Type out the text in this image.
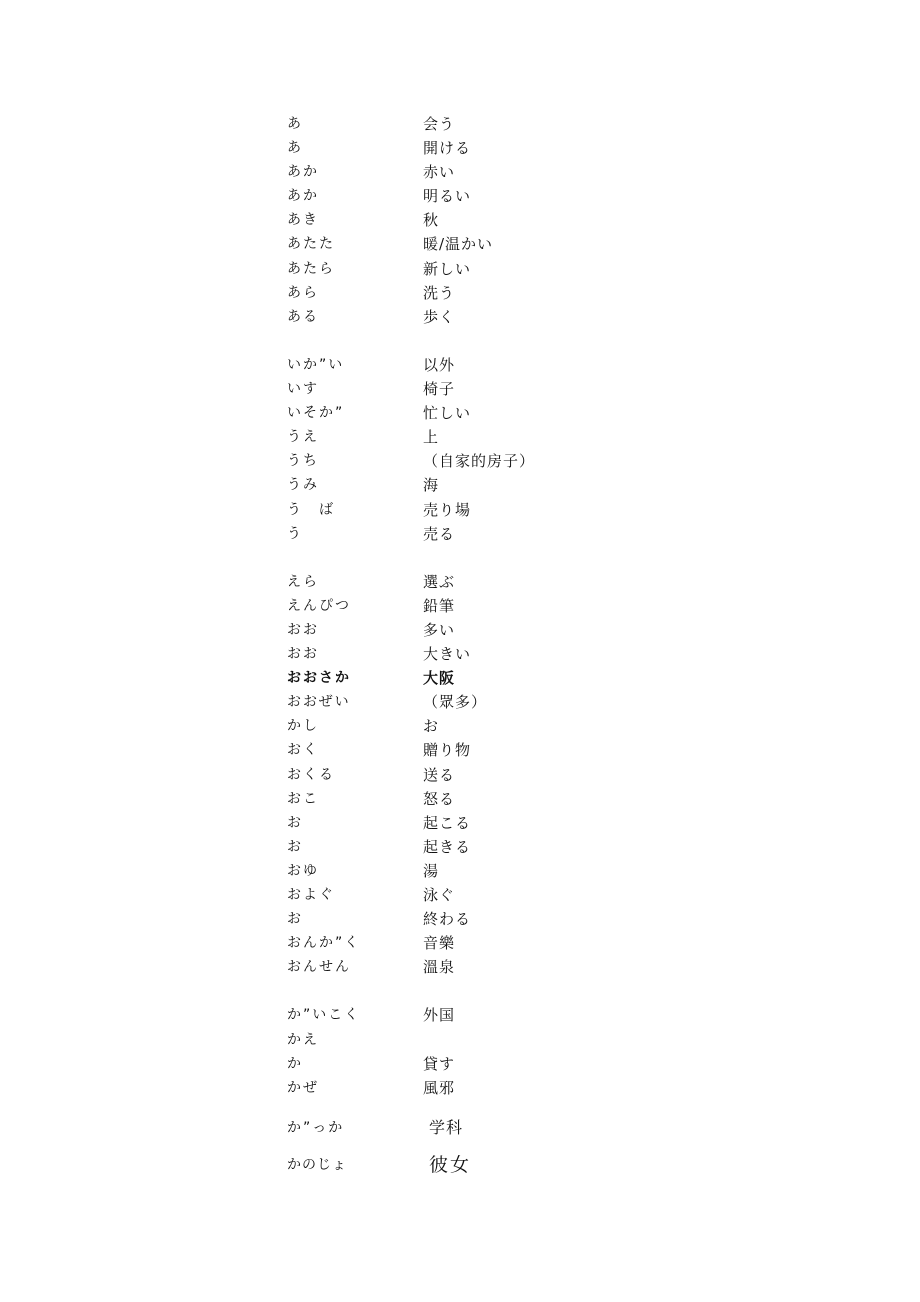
あ	会う
あ	開ける
あか	赤い
あか	明るい
あき	秋
あたた	暖/温かい
あたら	新しい
あら	洗う
ある	歩く
いか”い	以外
いす	椅子
いそか”	忙しい
うえ	上
うち	（自家的房子）
うみ	海
う　ば	売り場
う	売る
えら	選ぶ
えんぴつ	鉛筆
おお	多い
おお	大きい
おおさか	大阪
おおぜい	（眾多）
かし	お
おく	贈り物
おくる	送る
おこ	怒る
お	起こる
お	起きる
おゆ	湯
およぐ	泳ぐ
お	終わる
おんか”く	音樂
おんせん	溫泉
か”いこく	外国
かえ
か	貸す
かぜ	風邪
か”っか	学科
かのじょ	彼女
